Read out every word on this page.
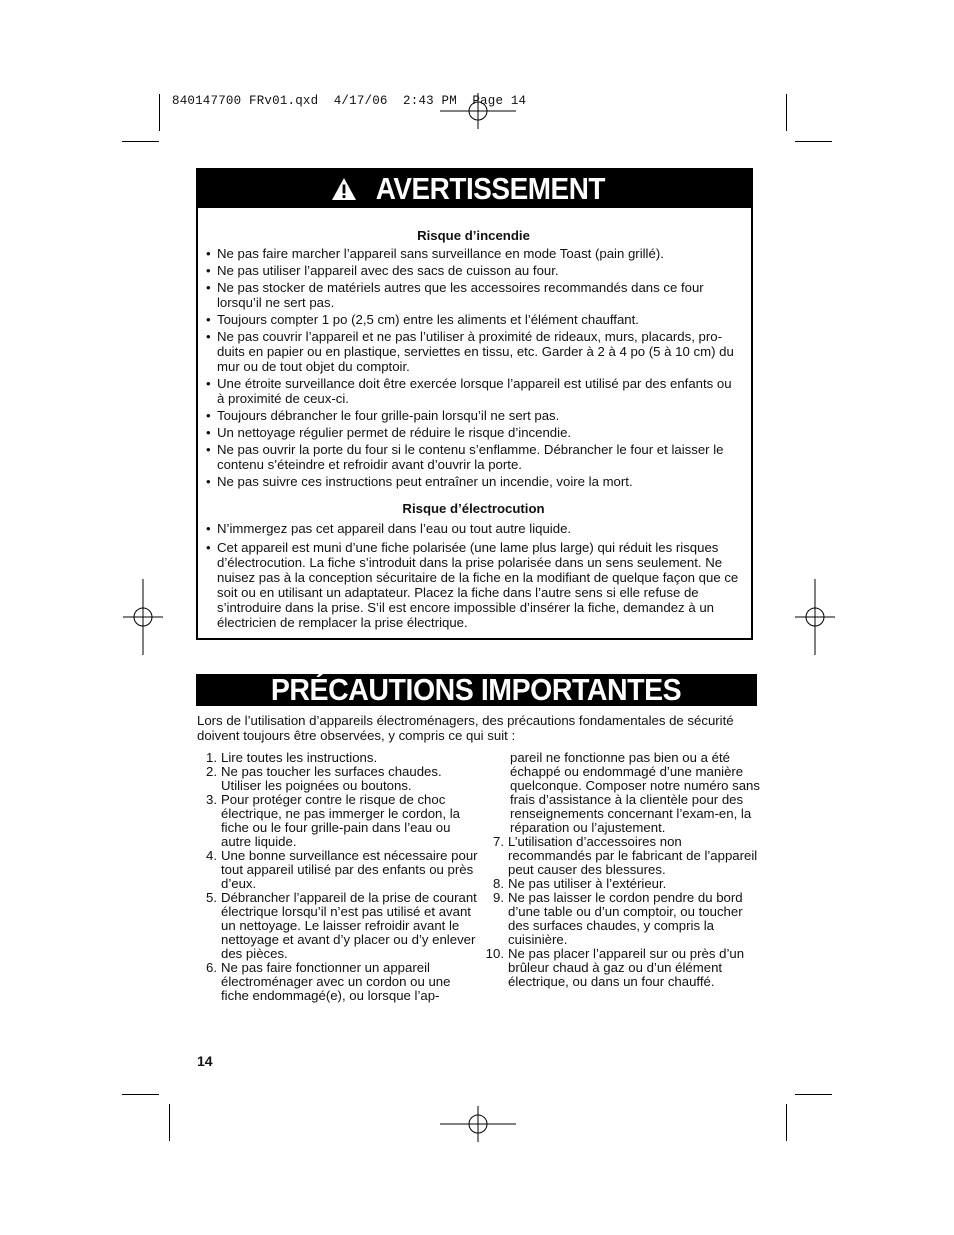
840147700 FRv01.qxd  4/17/06  2:43 PM  Page 14
AVERTISSEMENT
Risque d’incendie
• Ne pas faire marcher l’appareil sans surveillance en mode Toast (pain grillé).
• Ne pas utiliser l’appareil avec des sacs de cuisson au four.
• Ne pas stocker de matériels autres que les accessoires recommandés dans ce four lorsqu’il ne sert pas.
• Toujours compter 1 po (2,5 cm) entre les aliments et l’élément chauffant.
• Ne pas couvrir l’appareil et ne pas l’utiliser à proximité de rideaux, murs, placards, pro-duits en papier ou en plastique, serviettes en tissu, etc. Garder à 2 à 4 po (5 à 10 cm) du mur ou de tout objet du comptoir.
• Une étroite surveillance doit être exercée lorsque l’appareil est utilisé par des enfants ou à proximité de ceux-ci.
• Toujours débrancher le four grille-pain lorsqu’il ne sert pas.
• Un nettoyage régulier permet de réduire le risque d’incendie.
• Ne pas ouvrir la porte du four si le contenu s’enflamme. Débrancher le four et laisser le contenu s’éteindre et refroidir avant d’ouvrir la porte.
• Ne pas suivre ces instructions peut entraîner un incendie, voire la mort.
Risque d’électrocution
• N’immergez pas cet appareil dans l’eau ou tout autre liquide.
• Cet appareil est muni d’une fiche polarisée (une lame plus large) qui réduit les risques d’électrocution. La fiche s’introduit dans la prise polarisée dans un sens seulement. Ne nuisez pas à la conception sécuritaire de la fiche en la modifiant de quelque façon que ce soit ou en utilisant un adaptateur. Placez la fiche dans l’autre sens si elle refuse de s’introduire dans la prise. S’il est encore impossible d’insérer la fiche, demandez à un électricien de remplacer la prise électrique.
PRÉCAUTIONS IMPORTANTES
Lors de l’utilisation d’appareils électroménagers, des précautions fondamentales de sécurité doivent toujours être observées, y compris ce qui suit :
1. Lire toutes les instructions.
2. Ne pas toucher les surfaces chaudes. Utiliser les poignées ou boutons.
3. Pour protéger contre le risque de choc électrique, ne pas immerger le cordon, la fiche ou le four grille-pain dans l’eau ou autre liquide.
4. Une bonne surveillance est nécessaire pour tout appareil utilisé par des enfants ou près d’eux.
5. Débrancher l’appareil de la prise de courant électrique lorsqu’il n’est pas utilisé et avant un nettoyage. Le laisser refroidir avant le nettoyage et avant d’y placer ou d’y enlever des pièces.
6. Ne pas faire fonctionner un appareil électroménager avec un cordon ou une fiche endommagé(e), ou lorsque l’ap-
pareil ne fonctionne pas bien ou a été échappé ou endommagé d’une manière quelconque. Composer notre numéro sans frais d’assistance à la clientèle pour des renseignements concernant l’exam-en, la réparation ou l’ajustement.
7. L’utilisation d’accessoires non recommandés par le fabricant de l’appareil peut causer des blessures.
8. Ne pas utiliser à l’extérieur.
9. Ne pas laisser le cordon pendre du bord d’une table ou d’un comptoir, ou toucher des surfaces chaudes, y compris la cuisinière.
10. Ne pas placer l’appareil sur ou près d’un brûleur chaud à gaz ou d’un élément électrique, ou dans un four chauffé.
14
